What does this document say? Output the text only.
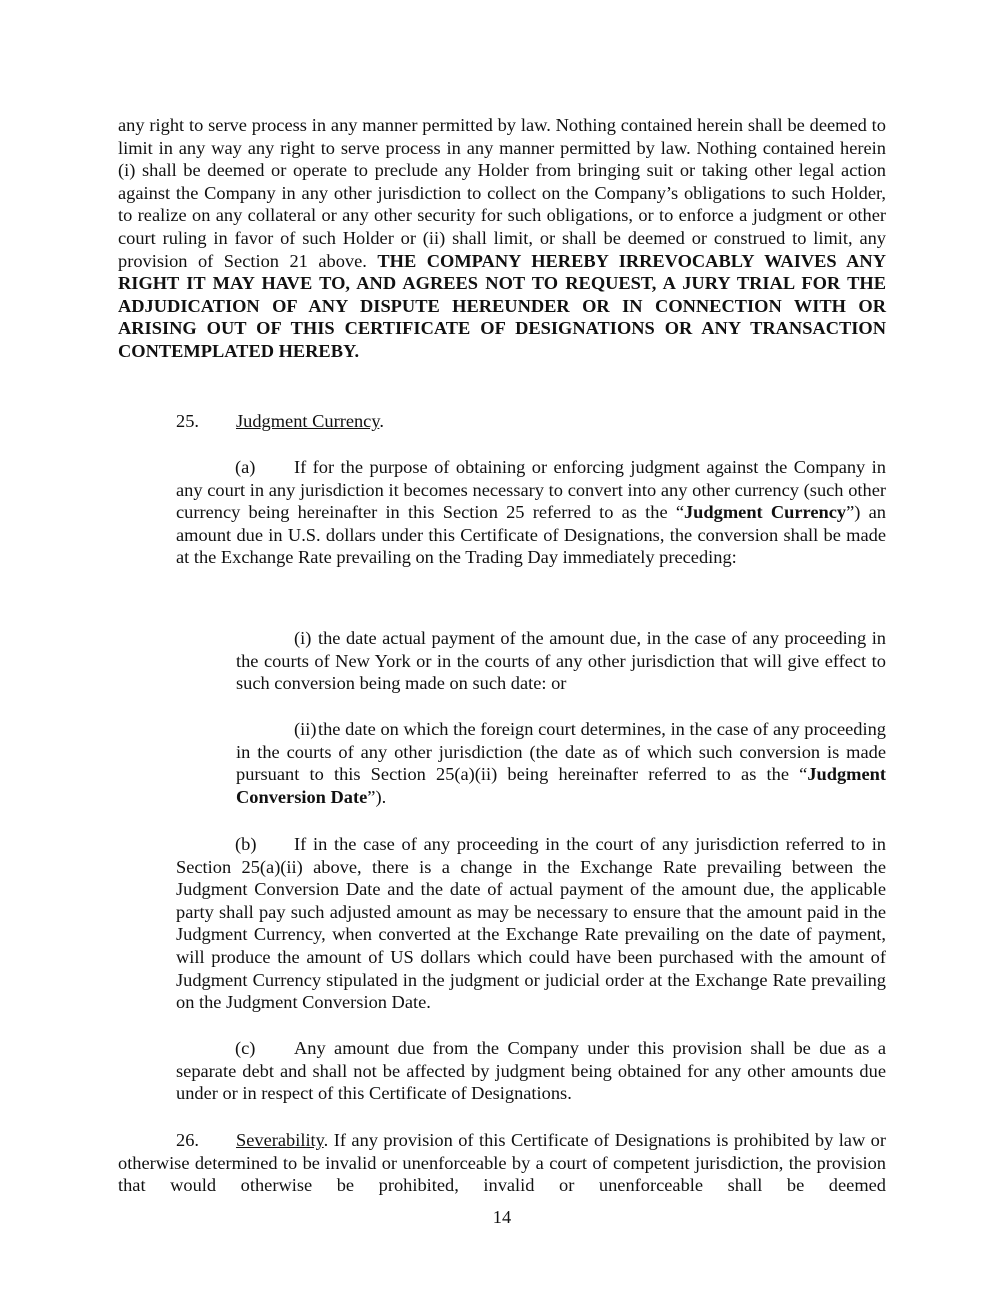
any right to serve process in any manner permitted by law. Nothing contained herein shall be deemed to limit in any way any right to serve process in any manner permitted by law. Nothing contained herein (i) shall be deemed or operate to preclude any Holder from bringing suit or taking other legal action against the Company in any other jurisdiction to collect on the Company’s obligations to such Holder, to realize on any collateral or any other security for such obligations, or to enforce a judgment or other court ruling in favor of such Holder or (ii) shall limit, or shall be deemed or construed to limit, any provision of Section 21 above. THE COMPANY HEREBY IRREVOCABLY WAIVES ANY RIGHT IT MAY HAVE TO, AND AGREES NOT TO REQUEST, A JURY TRIAL FOR THE ADJUDICATION OF ANY DISPUTE HEREUNDER OR IN CONNECTION WITH OR ARISING OUT OF THIS CERTIFICATE OF DESIGNATIONS OR ANY TRANSACTION CONTEMPLATED HEREBY.

25. Judgment Currency.

(a) If for the purpose of obtaining or enforcing judgment against the Company in any court in any jurisdiction it becomes necessary to convert into any other currency (such other currency being hereinafter in this Section 25 referred to as the “Judgment Currency”) an amount due in U.S. dollars under this Certificate of Designations, the conversion shall be made at the Exchange Rate prevailing on the Trading Day immediately preceding:

(i) the date actual payment of the amount due, in the case of any proceeding in the courts of New York or in the courts of any other jurisdiction that will give effect to such conversion being made on such date: or

(ii)the date on which the foreign court determines, in the case of any proceeding in the courts of any other jurisdiction (the date as of which such conversion is made pursuant to this Section 25(a)(ii) being hereinafter referred to as the “Judgment Conversion Date”).

(b) If in the case of any proceeding in the court of any jurisdiction referred to in Section 25(a)(ii) above, there is a change in the Exchange Rate prevailing between the Judgment Conversion Date and the date of actual payment of the amount due, the applicable party shall pay such adjusted amount as may be necessary to ensure that the amount paid in the Judgment Currency, when converted at the Exchange Rate prevailing on the date of payment, will produce the amount of US dollars which could have been purchased with the amount of Judgment Currency stipulated in the judgment or judicial order at the Exchange Rate prevailing on the Judgment Conversion Date.

(c) Any amount due from the Company under this provision shall be due as a separate debt and shall not be affected by judgment being obtained for any other amounts due under or in respect of this Certificate of Designations.

26. Severability. If any provision of this Certificate of Designations is prohibited by law or otherwise determined to be invalid or unenforceable by a court of competent jurisdiction, the provision that would otherwise be prohibited, invalid or unenforceable shall be deemed

14
